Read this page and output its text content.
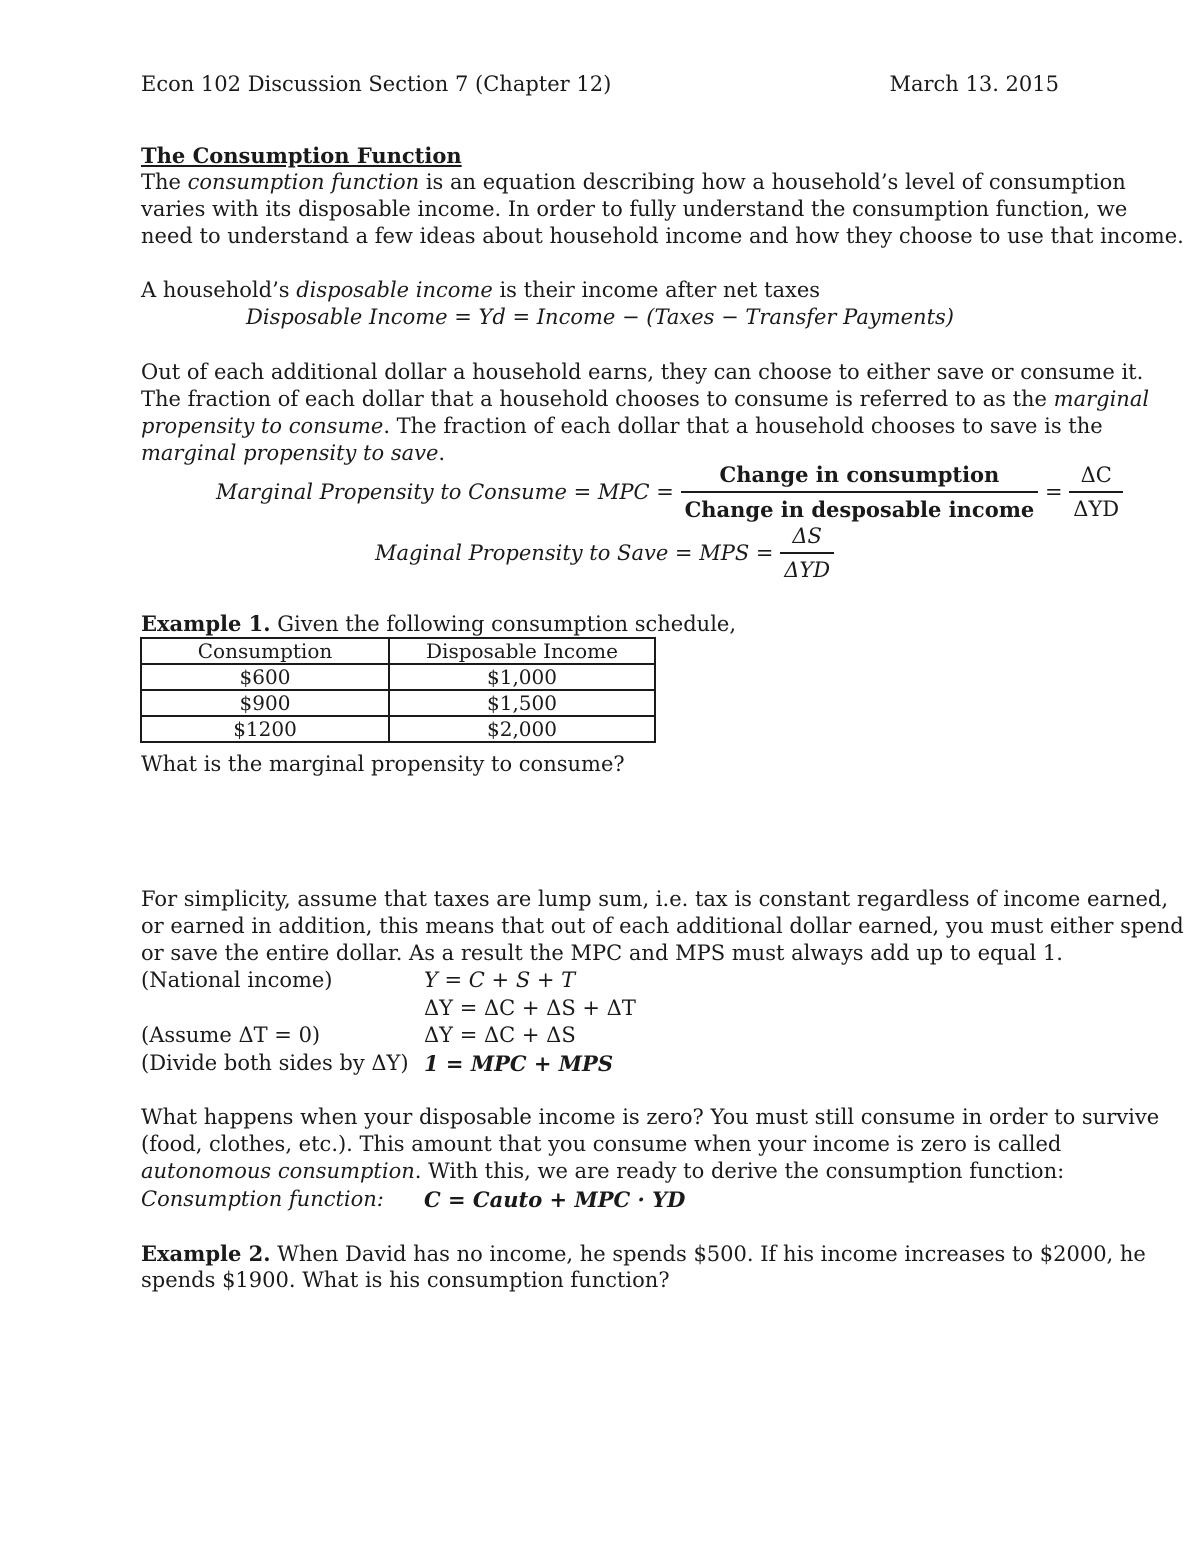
Econ 102 Discussion Section 7 (Chapter 12)	March 13. 2015
The Consumption Function
The consumption function is an equation describing how a household’s level of consumption
varies with its disposable income. In order to fully understand the consumption function, we
need to understand a few ideas about household income and how they choose to use that income.
A household’s disposable income is their income after net taxes
Disposable Income = Yd = Income − (Taxes − Transfer Payments)
Out of each additional dollar a household earns, they can choose to either save or consume it.
The fraction of each dollar that a household chooses to consume is referred to as the marginal
propensity to consume. The fraction of each dollar that a household chooses to save is the
marginal propensity to save.
Marginal Propensity to Consume = MPC = $\frac{\text{Change in consumption}}{\text{Change in desposable income}} = \frac{\Delta C}{\text{ΔYD}}$
Maginal Propensity to Save = MPS = $\frac{\Delta S}{\text{ΔYD}}$
Example 1. Given the following consumption schedule,
Consumption	Disposable Income
$600	$1,000
$900	$1,500
$1200	$2,000
What is the marginal propensity to consume?
For simplicity, assume that taxes are lump sum, i.e. tax is constant regardless of income earned,
or earned in addition, this means that out of each additional dollar earned, you must either spend
or save the entire dollar. As a result the MPC and MPS must always add up to equal 1.
(National income)	Y = C + S + T
ΔY = ΔC + ΔS + ΔT
(Assume ΔT = 0)	ΔY = ΔC + ΔS
(Divide both sides by ΔY) 1 = MPC + MPS
What happens when your disposable income is zero? You must still consume in order to survive
(food, clothes, etc.). This amount that you consume when your income is zero is called
autonomous consumption. With this, we are ready to derive the consumption function:
Consumption function: C = Cauto + MPC · YD
Example 2. When David has no income, he spends $500. If his income increases to $2000, he
spends $1900. What is his consumption function?
